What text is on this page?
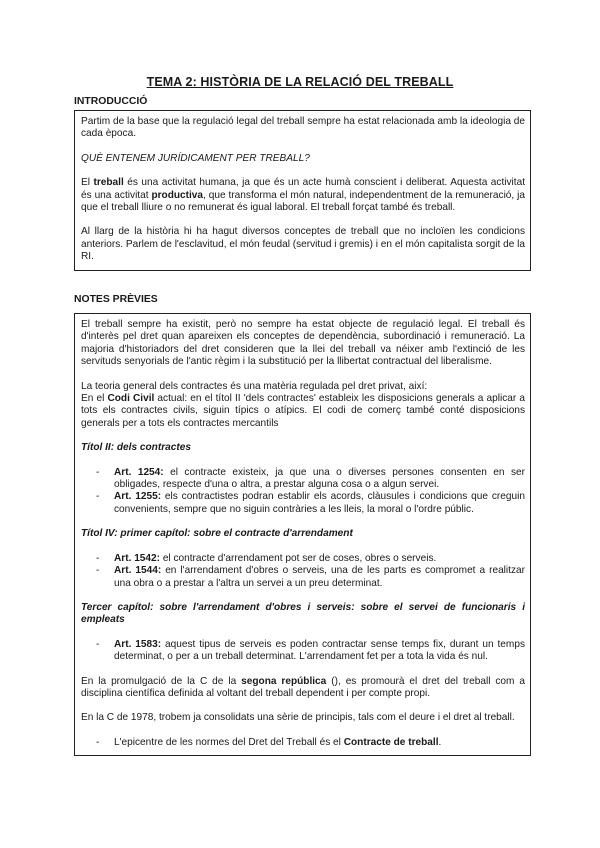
TEMA 2: HISTÒRIA DE LA RELACIÓ DEL TREBALL
INTRODUCCIÓ

Partim de la base que la regulació legal del treball sempre ha estat relacionada amb la ideologia de cada època.

QUÈ ENTENEM JURÍDICAMENT PER TREBALL?

El treball és una activitat humana, ja que és un acte humà conscient i deliberat. Aquesta activitat és una activitat productiva, que transforma el món natural, independentment de la remuneració, ja que el treball lliure o no remunerat és igual laboral. El treball forçat també és treball.

Al llarg de la història hi ha hagut diversos conceptes de treball que no incloïen les condicions anteriors. Parlem de l'esclavitud, el món feudal (servitud i gremis) i en el món capitalista sorgit de la RI.

NOTES PRÈVIES

El treball sempre ha existit, però no sempre ha estat objecte de regulació legal. El treball és d'interès pel dret quan apareixen els conceptes de dependència, subordinació i remuneració. La majoria d'historiadors del dret consideren que la llei del treball va néixer amb l'extinció de les servituds senyorials de l'antic règim i la substitució per la llibertat contractual del liberalisme.

La teoria general dels contractes és una matèria regulada pel dret privat, així:

En el Codi Civil actual: en el títol II 'dels contractes' estableix les disposicions generals a aplicar a tots els contractes civils, siguin típics o atípics. El codi de comerç també conté disposicions generals per a tots els contractes mercantils

Títol II: dels contractes

- Art. 1254: el contracte existeix, ja que una o diverses persones consenten en ser obligades, respecte d'una o altra, a prestar alguna cosa o a algun servei.
- Art. 1255: els contractistes podran establir els acords, clàusules i condicions que creguin convenients, sempre que no siguin contràries a les lleis, la moral o l'ordre públic.

Títol IV: primer capítol: sobre el contracte d'arrendament

- Art. 1542: el contracte d'arrendament pot ser de coses, obres o serveis.
- Art. 1544: en l'arrendament d'obres o serveis, una de les parts es compromet a realitzar una obra o a prestar a l'altra un servei a un preu determinat.

Tercer capítol: sobre l'arrendament d'obres i serveis: sobre el servei de funcionaris i empleats

- Art. 1583: aquest tipus de serveis es poden contractar sense temps fix, durant un temps determinat, o per a un treball determinat. L'arrendament fet per a tota la vida és nul.

En la promulgació de la C de la segona república (), es promourà el dret del treball com a disciplina científica definida al voltant del treball dependent i per compte propi.

En la C de 1978, trobem ja consolidats una sèrie de principis, tals com el deure i el dret al treball.

- L'epicentre de les normes del Dret del Treball és el Contracte de treball.
